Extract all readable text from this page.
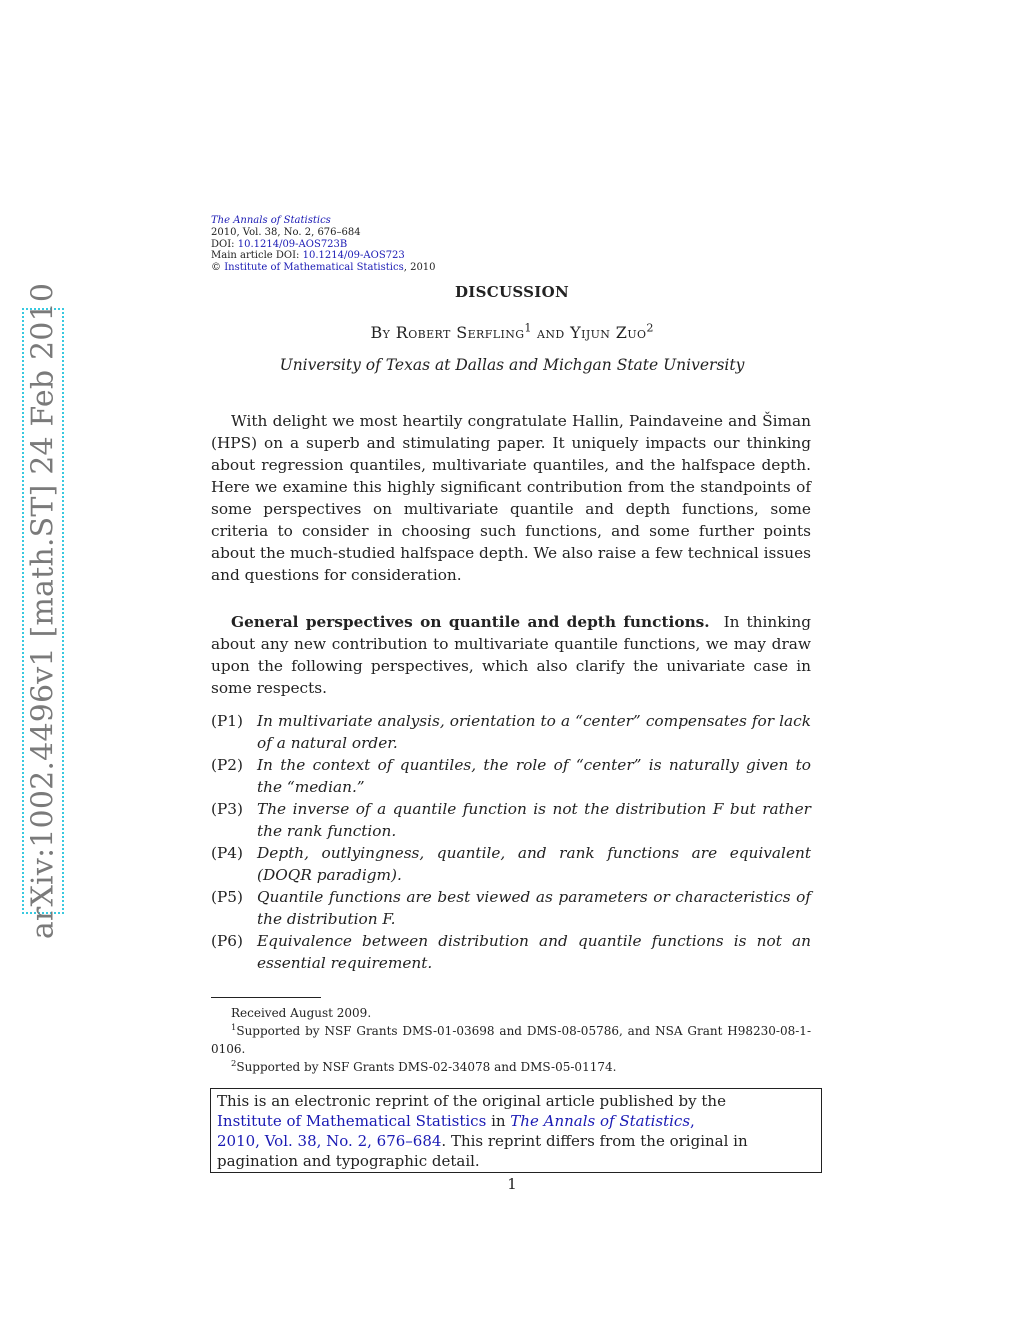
arXiv:1002.4496v1 [math.ST] 24 Feb 2010
The Annals of Statistics
2010, Vol. 38, No. 2, 676–684
DOI: 10.1214/09-AOS723B
Main article DOI: 10.1214/09-AOS723
© Institute of Mathematical Statistics, 2010
DISCUSSION
By Robert Serfling$^1$ and Yijun Zuo$^2$
University of Texas at Dallas and Michgan State University
With delight we most heartily congratulate Hallin, Paindaveine and Šiman (HPS) on a superb and stimulating paper. It uniquely impacts our thinking about regression quantiles, multivariate quantiles, and the halfspace depth. Here we examine this highly significant contribution from the standpoints of some perspectives on multivariate quantile and depth functions, some criteria to consider in choosing such functions, and some further points about the much-studied halfspace depth. We also raise a few technical issues and questions for consideration.
General perspectives on quantile and depth functions. In thinking about any new contribution to multivariate quantile functions, we may draw upon the following perspectives, which also clarify the univariate case in some respects.
(P1) In multivariate analysis, orientation to a “center” compensates for lack of a natural order.
(P2) In the context of quantiles, the role of “center” is naturally given to the “median.”
(P3) The inverse of a quantile function is not the distribution F but rather the rank function.
(P4) Depth, outlyingness, quantile, and rank functions are equivalent (DOQR paradigm).
(P5) Quantile functions are best viewed as parameters or characteristics of the distribution F.
(P6) Equivalence between distribution and quantile functions is not an essential requirement.
Received August 2009.
$^1$Supported by NSF Grants DMS-01-03698 and DMS-08-05786, and NSA Grant H98230-08-1-0106.
$^2$Supported by NSF Grants DMS-02-34078 and DMS-05-01174.
This is an electronic reprint of the original article published by the
Institute of Mathematical Statistics in The Annals of Statistics,
2010, Vol. 38, No. 2, 676–684. This reprint differs from the original in pagination and typographic detail.
1
